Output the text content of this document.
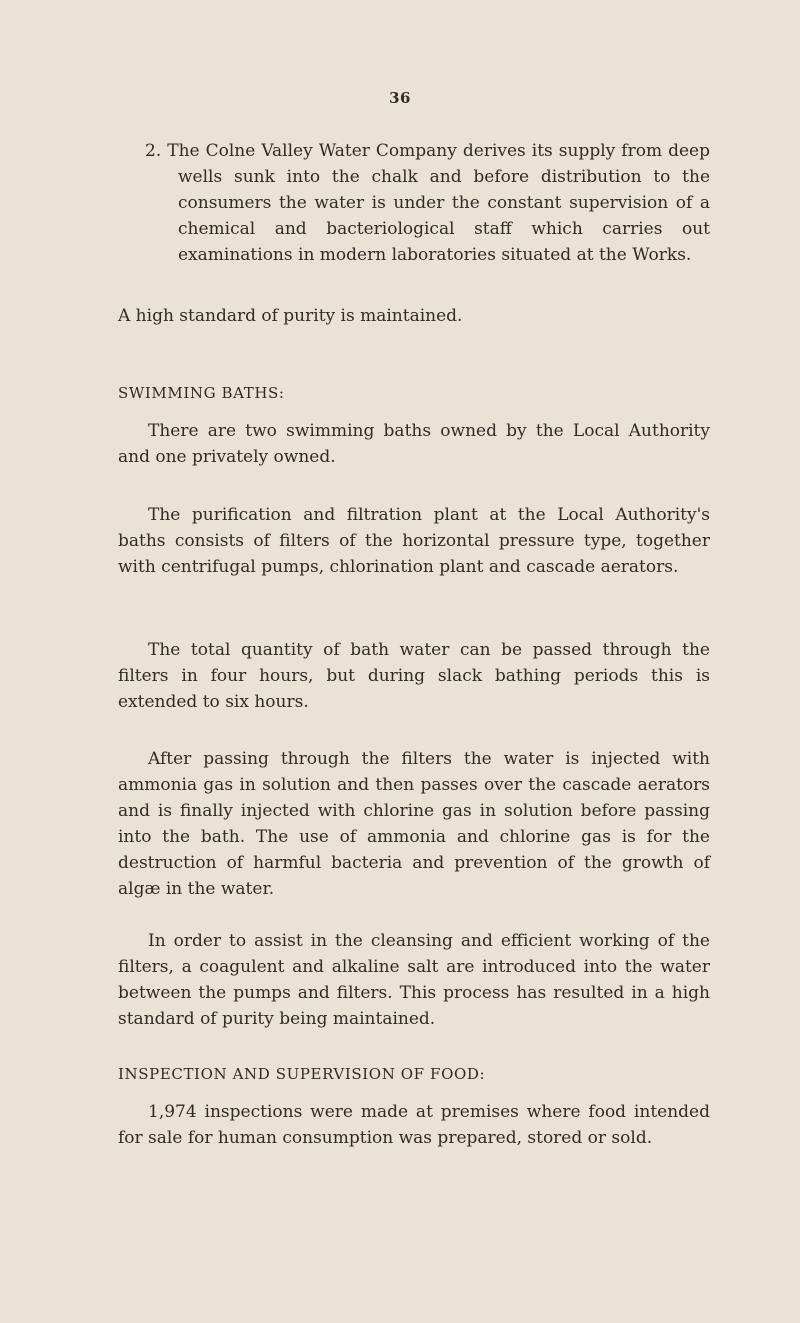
36

2. The Colne Valley Water Company derives its supply from deep wells sunk into the chalk and before distribution to the consumers the water is under the constant supervision of a chemical and bacteriological staff which carries out examinations in modern laboratories situated at the Works.

A high standard of purity is maintained.

SWIMMING BATHS:

There are two swimming baths owned by the Local Authority and one privately owned.

The purification and filtration plant at the Local Authority's baths consists of filters of the horizontal pressure type, together with centrifugal pumps, chlorination plant and cascade aerators.

The total quantity of bath water can be passed through the filters in four hours, but during slack bathing periods this is extended to six hours.

After passing through the filters the water is injected with ammonia gas in solution and then passes over the cascade aerators and is finally injected with chlorine gas in solution before passing into the bath. The use of ammonia and chlorine gas is for the destruction of harmful bacteria and prevention of the growth of algæ in the water.

In order to assist in the cleansing and efficient working of the filters, a coagulent and alkaline salt are introduced into the water between the pumps and filters. This process has resulted in a high standard of purity being maintained.

INSPECTION AND SUPERVISION OF FOOD:

1,974 inspections were made at premises where food intended for sale for human consumption was prepared, stored or sold.
